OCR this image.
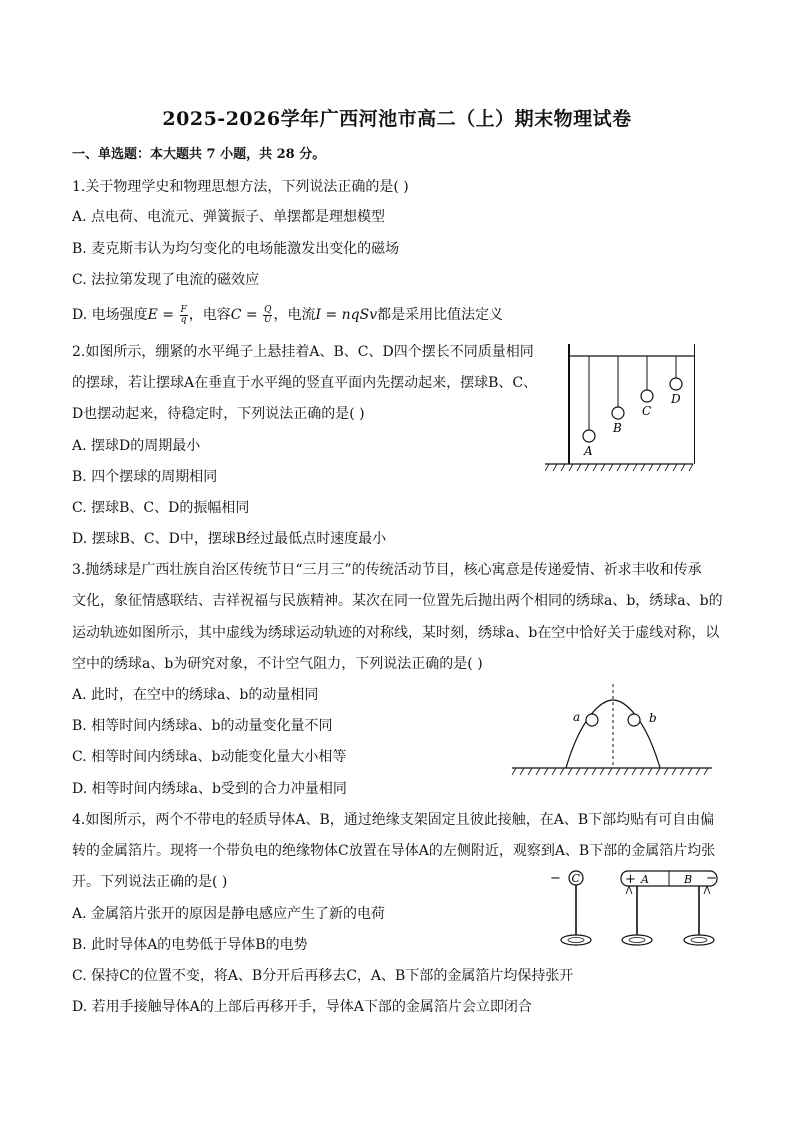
2025-2026学年广西河池市高二（上）期末物理试卷
一、单选题：本大题共 7 小题，共 28 分。
1.关于物理学史和物理思想方法，下列说法正确的是( )
A. 点电荷、电流元、弹簧振子、单摆都是理想模型
B. 麦克斯韦认为均匀变化的电场能激发出变化的磁场
C. 法拉第发现了电流的磁效应
D. 电场强度$E = \frac{F}{q}$ ，电容$C = \frac{Q}{U}$ ，电流I = nqSv都是采用比值法定义
2.如图所示，绷紧的水平绳子上悬挂着A、B、C、D四个摆长不同质量相同
的摆球，若让摆球A在垂直于水平绳的竖直平面内先摆动起来，摆球B、C、
D也摆动起来，待稳定时，下列说法正确的是( )
A. 摆球D的周期最小
B. 四个摆球的周期相同
C. 摆球B、C、D的振幅相同
D. 摆球B、C、D中，摆球B经过最低点时速度最小
A
B
C
D
3.抛绣球是广西壮族自治区传统节日“三月三”的传统活动节目，核心寓意是传递爱情、祈求丰收和传承
文化，象征情感联结、吉祥祝福与民族精神。某次在同一位置先后抛出两个相同的绣球a、b，绣球a、b的
运动轨迹如图所示，其中虚线为绣球运动轨迹的对称线，某时刻，绣球a、b在空中恰好关于虚线对称，以
空中的绣球a、b为研究对象，不计空气阻力，下列说法正确的是( )
A. 此时，在空中的绣球a、b的动量相同
B. 相等时间内绣球a、b的动量变化量不同
C. 相等时间内绣球a、b动能变化量大小相等
D. 相等时间内绣球a、b受到的合力冲量相同
a	b
4.如图所示，两个不带电的轻质导体A、B，通过绝缘支架固定且彼此接触，在A、B下部均贴有可自由偏
转的金属箔片。现将一个带负电的绝缘物体C放置在导体A的左侧附近，观察到A、B下部的金属箔片均张
开。下列说法正确的是( )
A. 金属箔片张开的原因是静电感应产生了新的电荷
B. 此时导体A的电势低于导体B的电势
C. 保持C的位置不变，将A、B分开后再移去C，A、B下部的金属箔片均保持张开
D. 若用手接触导体A的上部后再移开手，导体A下部的金属箔片会立即闭合
− C	+ A	B −
